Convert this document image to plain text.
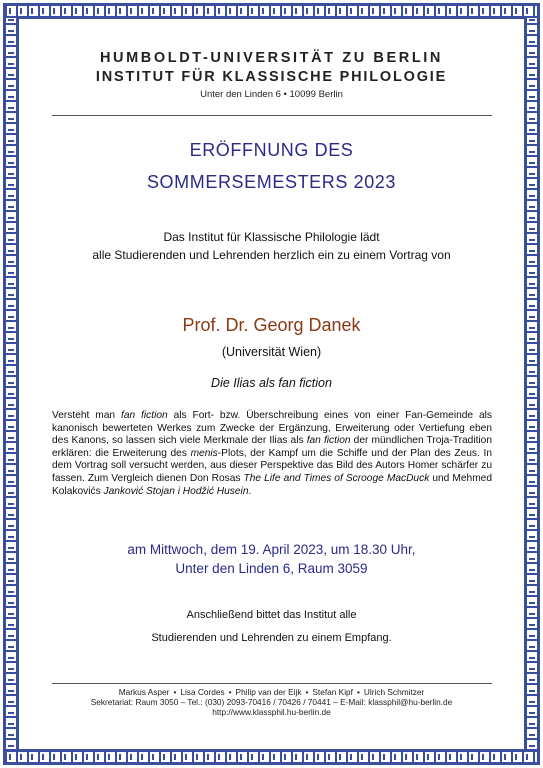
HUMBOLDT-UNIVERSITÄT ZU BERLIN
INSTITUT FÜR KLASSISCHE PHILOLOGIE
Unter den Linden 6 • 10099 Berlin
ERÖFFNUNG DES
SOMMERSEMESTERS 2023
Das Institut für Klassische Philologie lädt
alle Studierenden und Lehrenden herzlich ein zu einem Vortrag von
Prof. Dr. Georg Danek
(Universität Wien)
Die Ilias als fan fiction
Versteht man fan fiction als Fort- bzw. Überschreibung eines von einer Fan-Gemeinde als kanonisch bewerteten Werkes zum Zwecke der Ergänzung, Erweiterung oder Vertiefung eben des Kanons, so lassen sich viele Merkmale der Ilias als fan fiction der mündlichen Troja-Tradition erklären: die Erweiterung des menis-Plots, der Kampf um die Schiffe und der Plan des Zeus. In dem Vortrag soll versucht werden, aus dieser Perspektive das Bild des Autors Homer schärfer zu fassen. Zum Vergleich dienen Don Rosas The Life and Times of Scrooge MacDuck und Mehmed Kolakovićs Janković Stojan i Hodžić Husein.
am Mittwoch, dem 19. April 2023, um 18.30 Uhr,
Unter den Linden 6, Raum 3059
Anschließend bittet das Institut alle
Studierenden und Lehrenden zu einem Empfang.
Markus Asper • Lisa Cordes • Philip van der Eijk • Stefan Kipf • Ulrich Schmitzer
Sekretariat: Raum 3050 – Tel.: (030) 2093-70416 / 70426 / 70441 – E-Mail: klassphil@hu-berlin.de
http://www.klassphil.hu-berlin.de
